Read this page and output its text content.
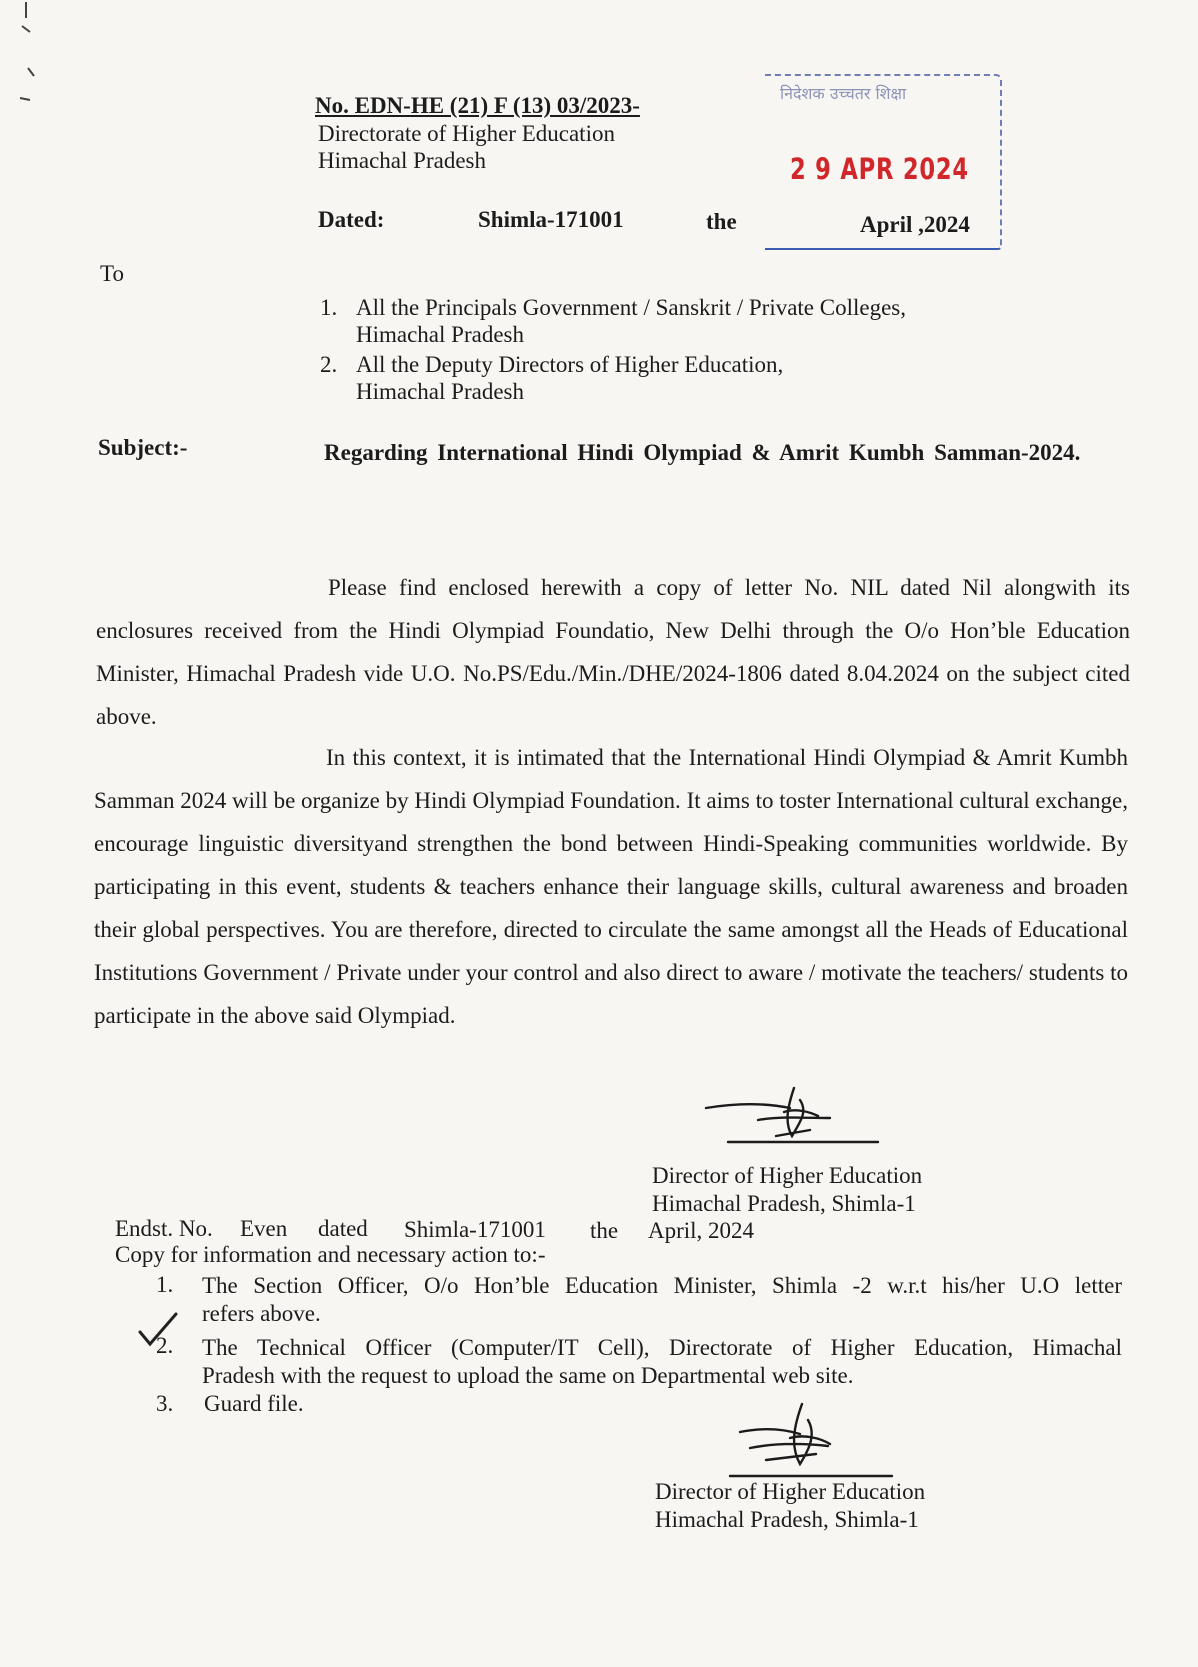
No. EDN-HE (21) F (13) 03/2023-
Directorate of Higher Education
Himachal Pradesh
Dated:	Shimla-171001	the	April ,2024
निदेशक उच्चतर शिक्षा
2 9 APR 2024
To
1. All the Principals Government / Sanskrit / Private Colleges,
Himachal Pradesh
2. All the Deputy Directors of Higher Education,
Himachal Pradesh
Subject:-	Regarding International Hindi Olympiad & Amrit Kumbh Samman-2024.
Please find enclosed herewith a copy of letter No. NIL dated Nil alongwith its enclosures received from the Hindi Olympiad Foundatio, New Delhi through the O/o Hon’ble Education Minister, Himachal Pradesh vide U.O. No.PS/Edu./Min./DHE/2024-1806 dated 8.04.2024 on the subject cited above.
In this context, it is intimated that the International Hindi Olympiad & Amrit Kumbh Samman 2024 will be organize by Hindi Olympiad Foundation. It aims to toster International cultural exchange, encourage linguistic diversityand strengthen the bond between Hindi-Speaking communities worldwide. By participating in this event, students & teachers enhance their language skills, cultural awareness and broaden their global perspectives. You are therefore, directed to circulate the same amongst all the Heads of Educational Institutions Government / Private under your control and also direct to aware / motivate the teachers/ students to participate in the above said Olympiad.
Director of Higher Education
Himachal Pradesh, Shimla-1
Endst. No. Even dated Shimla-171001 the April, 2024
Copy for information and necessary action to:-
1. The Section Officer, O/o Hon’ble Education Minister, Shimla -2 w.r.t his/her U.O letter
refers above.
2. The Technical Officer (Computer/IT Cell), Directorate of Higher Education, Himachal
Pradesh with the request to upload the same on Departmental web site.
3. Guard file.
Director of Higher Education
Himachal Pradesh, Shimla-1
